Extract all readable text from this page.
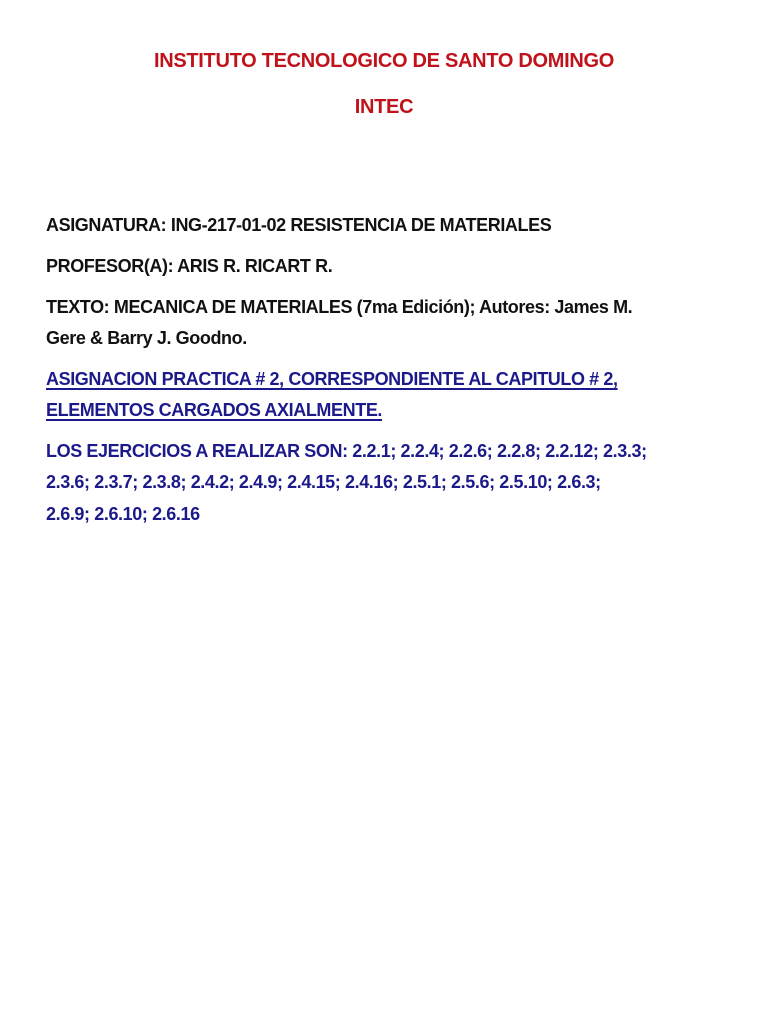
INSTITUTO TECNOLOGICO DE SANTO DOMINGO
INTEC
ASIGNATURA: ING-217-01-02 RESISTENCIA DE MATERIALES
PROFESOR(A): ARIS R. RICART R.
TEXTO: MECANICA DE MATERIALES (7ma Edición); Autores: James M.
Gere & Barry J. Goodno.
ASIGNACION PRACTICA # 2, CORRESPONDIENTE AL CAPITULO # 2,
ELEMENTOS CARGADOS AXIALMENTE.
LOS EJERCICIOS A REALIZAR SON: 2.2.1; 2.2.4; 2.2.6; 2.2.8; 2.2.12; 2.3.3;
2.3.6; 2.3.7; 2.3.8; 2.4.2; 2.4.9; 2.4.15; 2.4.16; 2.5.1; 2.5.6; 2.5.10; 2.6.3;
2.6.9; 2.6.10; 2.6.16
